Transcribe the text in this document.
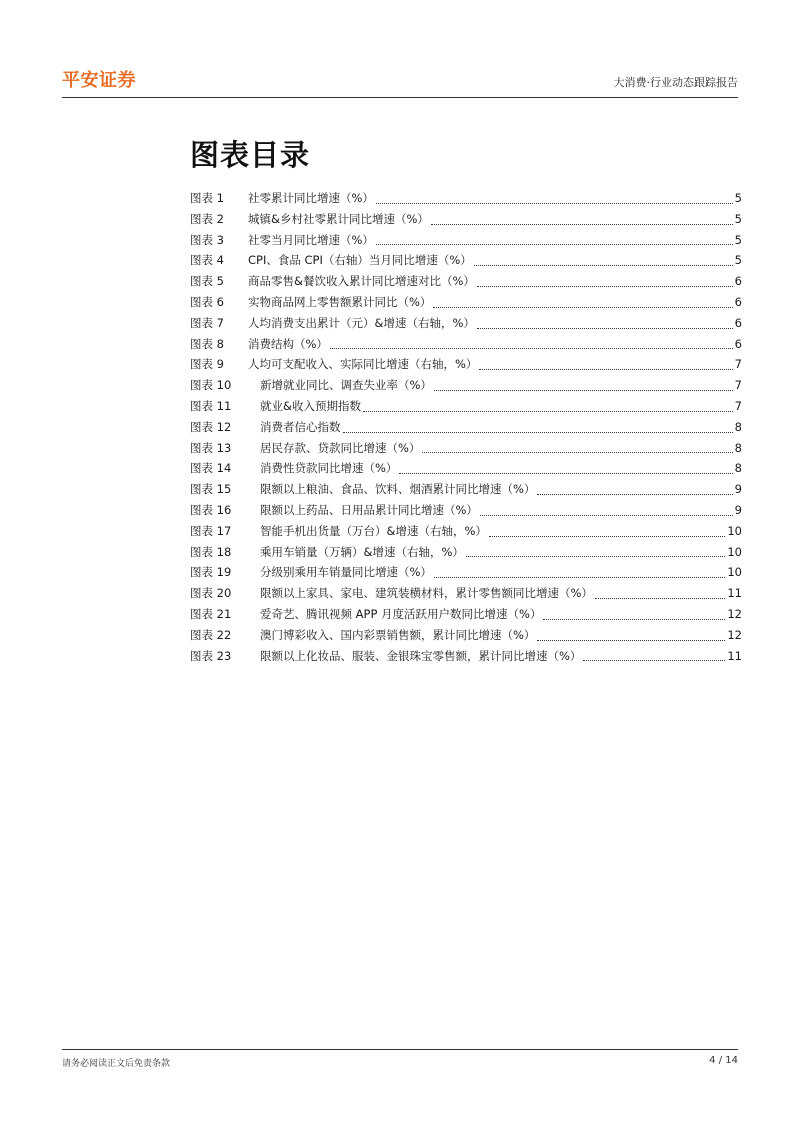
平安证券	大消费·行业动态跟踪报告
图表目录
图表 1	社零累计同比增速（%）	5
图表 2	城镇&乡村社零累计同比增速（%）	5
图表 3	社零当月同比增速（%）	5
图表 4	CPI、食品 CPI（右轴）当月同比增速（%）	5
图表 5	商品零售&餐饮收入累计同比增速对比（%）	6
图表 6	实物商品网上零售额累计同比（%）	6
图表 7	人均消费支出累计（元）&增速（右轴，%）	6
图表 8	消费结构（%）	6
图表 9	人均可支配收入、实际同比增速（右轴，%）	7
图表 10	新增就业同比、调查失业率（%）	7
图表 11	就业&收入预期指数	7
图表 12	消费者信心指数	8
图表 13	居民存款、贷款同比增速（%）	8
图表 14	消费性贷款同比增速（%）	8
图表 15	限额以上粮油、食品、饮料、烟酒累计同比增速（%）	9
图表 16	限额以上药品、日用品累计同比增速（%）	9
图表 17	智能手机出货量（万台）&增速（右轴，%）	10
图表 18	乘用车销量（万辆）&增速（右轴，%）	10
图表 19	分级别乘用车销量同比增速（%）	10
图表 20	限额以上家具、家电、建筑装横材料，累计零售额同比增速（%）	11
图表 21	爱奇艺、腾讯视频 APP 月度活跃用户数同比增速（%）	12
图表 22	澳门博彩收入、国内彩票销售额，累计同比增速（%）	12
图表 23	限额以上化妆品、服装、金银珠宝零售额，累计同比增速（%）	11
请务必阅读正文后免责条款	4 / 14
